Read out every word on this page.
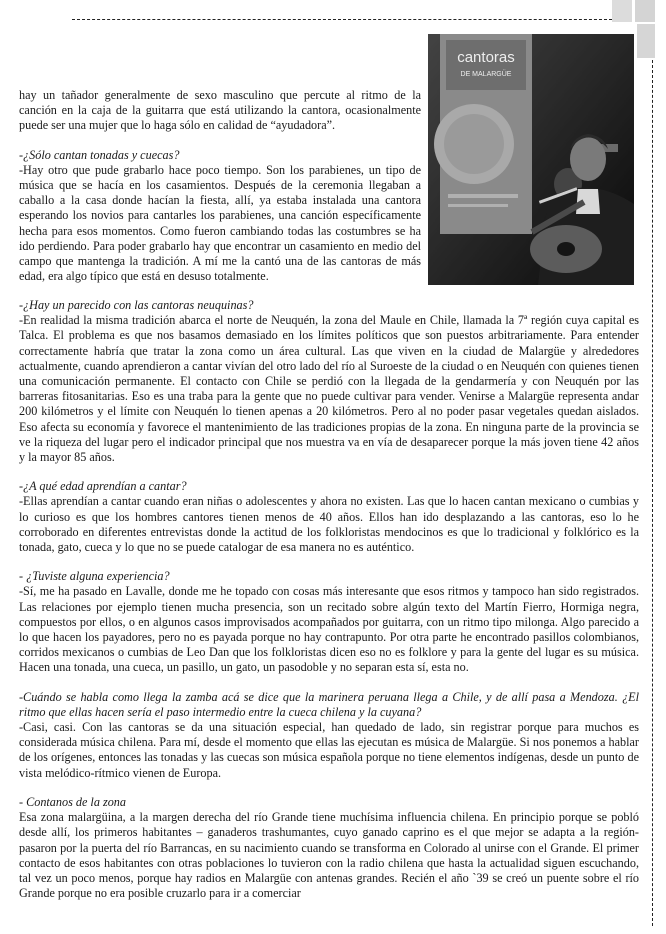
cantoras
DE MALARGÜE

hay un tañador generalmente de sexo masculino que percute al ritmo de la canción en la caja de la guitarra que está utilizando la cantora, ocasionalmente puede ser una mujer que lo haga sólo en calidad de “ayudadora”.

-¿Sólo cantan tonadas y cuecas?

-Hay otro que pude grabarlo hace poco tiempo. Son los parabienes, un tipo de música que se hacía en los casamientos. Después de la ceremonia llegaban a caballo a la casa donde hacían la fiesta, allí, ya estaba instalada una cantora esperando los novios para cantarles los parabienes, una canción específicamente hecha para esos momentos. Como fueron cambiando todas las costumbres se ha ido perdiendo. Para poder grabarlo hay que encontrar un casamiento en medio del campo que mantenga la tradición. A mí me la cantó una de las cantoras de más edad, era algo típico que está en desuso totalmente.

-¿Hay un parecido con las cantoras neuquinas?

-En realidad la misma tradición abarca el norte de Neuquén, la zona del Maule en Chile, llamada la 7ª región cuya capital es Talca. El problema es que nos basamos demasiado en los límites políticos que son puestos arbitrariamente. Para entender correctamente habría que tratar la zona como un área cultural. Las que viven en la ciudad de Malargüe y alrededores actualmente, cuando aprendieron a cantar vivían del otro lado del río al Suroeste de la ciudad o en Neuquén con quienes tienen una comunicación permanente. El contacto con Chile se perdió con la llegada de la gendarmería y con Neuquén por las barreras fitosanitarias. Eso es una traba para la gente que no puede cultivar para vender. Venirse a Malargüe representa andar 200 kilómetros y el límite con Neuquén lo tienen apenas a 20 kilómetros. Pero al no poder pasar vegetales quedan aislados. Eso afecta su economía y favorece el mantenimiento de las tradiciones propias de la zona. En ninguna parte de la provincia se ve la riqueza del lugar pero el indicador principal que nos muestra va en vía de desaparecer porque la más joven tiene 42 años y la mayor 85 años.

-¿A qué edad aprendían a cantar?

-Ellas aprendían a cantar cuando eran niñas o adolescentes y ahora no existen. Las que lo hacen cantan mexicano o cumbias y lo curioso es que los hombres cantores tienen menos de 40 años. Ellos han ido desplazando a las cantoras, eso lo he corroborado en diferentes entrevistas donde la actitud de los folkloristas mendocinos es que lo tradicional y folklórico es la tonada, gato, cueca y lo que no se puede catalogar de esa manera no es auténtico.

- ¿Tuviste alguna experiencia?

-Sí, me ha pasado en Lavalle, donde me he topado con cosas más interesante que esos ritmos y tampoco han sido registrados. Las relaciones por ejemplo tienen mucha presencia, son un recitado sobre algún texto del Martín Fierro, Hormiga negra, compuestos por ellos, o en algunos casos improvisados acompañados por guitarra, con un ritmo tipo milonga. Algo parecido a lo que hacen los payadores, pero no es payada porque no hay contrapunto. Por otra parte he encontrado pasillos colombianos, corridos mexicanos o cumbias de Leo Dan que los folkloristas dicen eso no es folklore y para la gente del lugar es su música. Hacen una tonada, una cueca, un pasillo, un gato, un pasodoble y no separan esta sí, esta no.

-Cuándo se habla como llega la zamba acá se dice que la marinera peruana llega a Chile, y de allí pasa a Mendoza. ¿El ritmo que ellas hacen sería el paso intermedio entre la cueca chilena y la cuyana?

-Casi, casi. Con las cantoras se da una situación especial, han quedado de lado, sin registrar porque para muchos es considerada música chilena. Para mí, desde el momento que ellas las ejecutan es música de Malargüe. Si nos ponemos a hablar de los orígenes, entonces las tonadas y las cuecas son música española porque no tiene elementos indígenas, desde un punto de vista melódico-rítmico vienen de Europa.

- Contanos de la zona

Esa zona malargüina, a la margen derecha del río Grande tiene muchísima influencia chilena. En principio porque se pobló desde allí, los primeros habitantes – ganaderos trashumantes, cuyo ganado caprino es el que mejor se adapta a la región-pasaron por la puerta del río Barrancas, en su nacimiento cuando se transforma en Colorado al unirse con el Grande. El primer contacto de esos habitantes con otras poblaciones lo tuvieron con la radio chilena que hasta la actualidad siguen escuchando, tal vez un poco menos, porque hay radios en Malargüe con antenas grandes. Recién el año `39 se creó un puente sobre el río Grande porque no era posible cruzarlo para ir a comerciar
